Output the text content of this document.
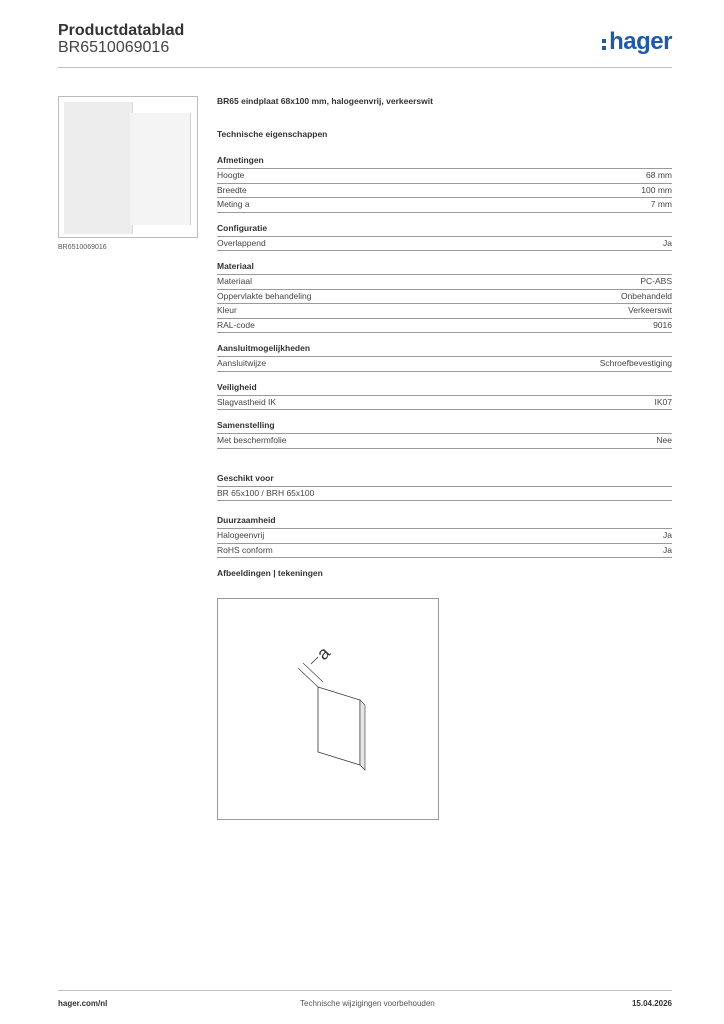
Productdatablad
BR6510069016	hager
BR6510069016
BR65 eindplaat 68x100 mm, halogeenvrij, verkeerswit
Technische eigenschappen
Afmetingen
Hoogte	68 mm
Breedte	100 mm
Meting a	7 mm
Configuratie
Overlappend	Ja
Materiaal
Materiaal	PC-ABS
Oppervlakte behandeling	Onbehandeld
Kleur	Verkeerswit
RAL-code	9016
Aansluitmogelijkheden
Aansluitwijze	Schroefbevestiging
Veiligheid
Slagvastheid IK	IK07
Samenstelling
Met beschermfolie	Nee
Geschikt voor
BR 65x100 / BRH 65x100
Duurzaamheid
Halogeenvrij	Ja
RoHS conform	Ja
Afbeeldingen | tekeningen
a
hager.com/nl	Technische wijzigingen voorbehouden	15.04.2026
